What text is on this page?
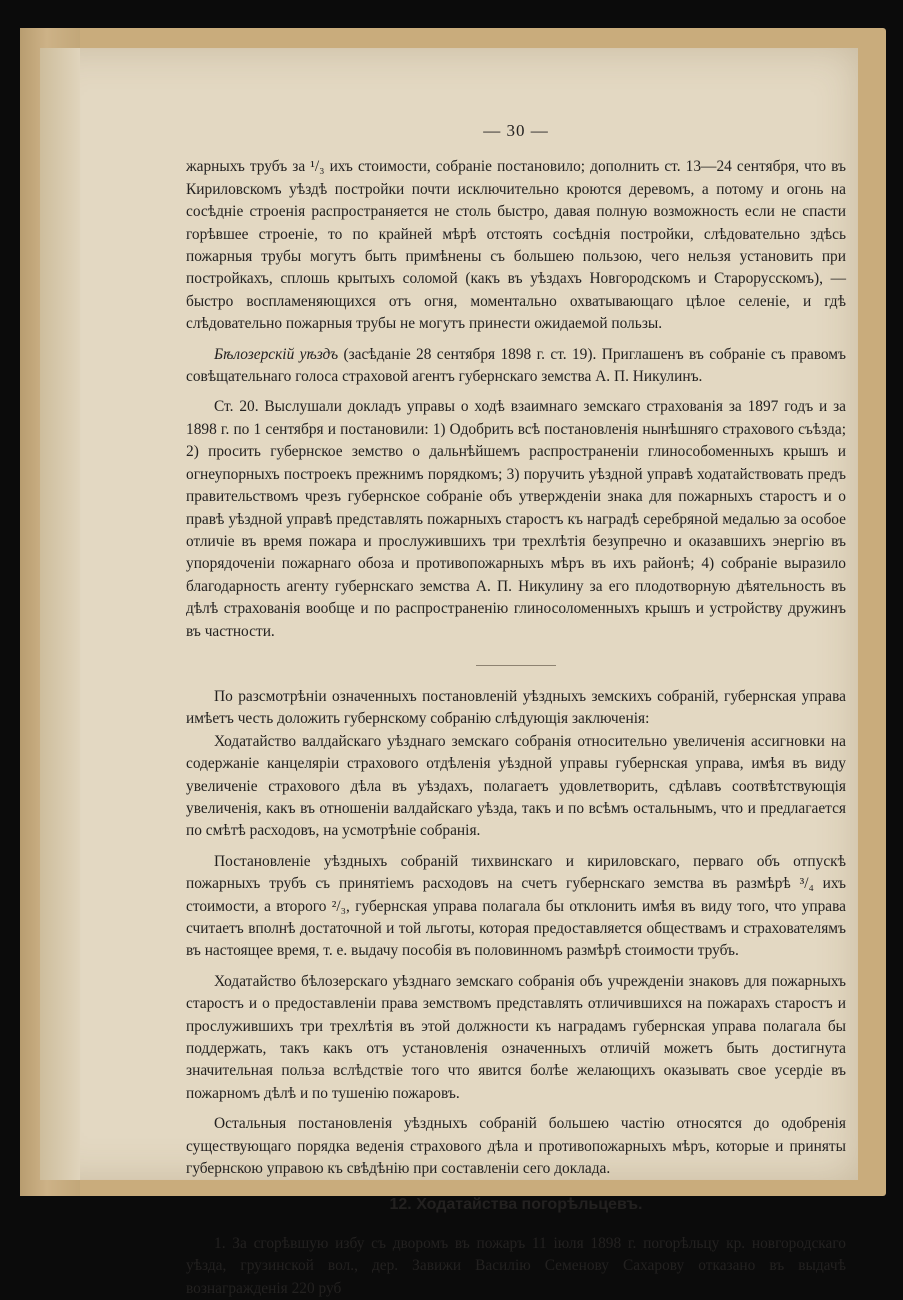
— 30 —

жарныхъ трубъ за ¹/₃ ихъ стоимости, собраніе постановило; дополнить ст. 13—24 сентября, что въ Кириловскомъ уѣздѣ постройки почти исключительно кроются деревомъ, а потому и огонь на сосѣдніе строенія распространяется не столь быстро, давая полную возможность если не спасти горѣвшее строеніе, то по крайней мѣрѣ отстоять сосѣднія постройки, слѣдовательно здѣсь пожарныя трубы могутъ быть примѣнены съ большею пользою, чего нельзя установить при постройкахъ, сплошь крытыхъ соломой (какъ въ уѣздахъ Новгородскомъ и Старорусскомъ), —быстро воспламеняющихся отъ огня, моментально охватывающаго цѣлое селеніе, и гдѣ слѣдовательно пожарныя трубы не могутъ принести ожидаемой пользы.

Бѣлозерскій уѣздъ (засѣданіе 28 сентября 1898 г. ст. 19). Приглашенъ въ собраніе съ правомъ совѣщательнаго голоса страховой агентъ губернскаго земства А. П. Никулинъ.

Ст. 20. Выслушали докладъ управы о ходѣ взаимнаго земскаго страхованія за 1897 годъ и за 1898 г. по 1 сентября и постановили: 1) Одобрить всѣ постановленія нынѣшняго страхового съѣзда; 2) просить губернское земство о дальнѣйшемъ распространеніи глинособоменныхъ крышъ и огнеупорныхъ построекъ прежнимъ порядкомъ; 3) поручить уѣздной управѣ ходатайствовать предъ правительствомъ чрезъ губернское собраніе объ утвержденіи знака для пожарныхъ старостъ и о правѣ уѣздной управѣ представлять пожарныхъ старостъ къ наградѣ серебряной медалью за особое отличіе въ время пожара и прослужившихъ три трехлѣтія безупречно и оказавшихъ энергію въ упорядоченіи пожарнаго обоза и противопожарныхъ мѣръ въ ихъ районѣ; 4) собраніе выразило благодарность агенту губернскаго земства А. П. Никулину за его плодотворную дѣятельность въ дѣлѣ страхованія вообще и по распространенію глиносоломенныхъ крышъ и устройству дружинъ въ частности.

По разсмотрѣніи означенныхъ постановленій уѣздныхъ земскихъ собраній, губернская управа имѣетъ честь доложить губернскому собранію слѣдующія заключенія:

Ходатайство валдайскаго уѣзднаго земскаго собранія относительно увеличенія ассигновки на содержаніе канцеляріи страхового отдѣленія уѣздной управы губернская управа, имѣя въ виду увеличеніе страхового дѣла въ уѣздахъ, полагаетъ удовлетворить, сдѣлавъ соотвѣтствующія увеличенія, какъ въ отношеніи валдайскаго уѣзда, такъ и по всѣмъ остальнымъ, что и предлагается по смѣтѣ расходовъ, на усмотрѣніе собранія.

Постановленіе уѣздныхъ собраній тихвинскаго и кириловскаго, перваго объ отпускѣ пожарныхъ трубъ съ принятіемъ расходовъ на счетъ губернскаго земства въ размѣрѣ ³/₄ ихъ стоимости, а второго ²/₃, губернская управа полагала бы отклонить имѣя въ виду того, что управа считаетъ вполнѣ достаточной и той льготы, которая предоставляется обществамъ и страхователямъ въ настоящее время, т. е. выдачу пособія въ половинномъ размѣрѣ стоимости трубъ.

Ходатайство бѣлозерскаго уѣзднаго земскаго собранія объ учрежденіи знаковъ для пожарныхъ старостъ и о предоставленіи права земствомъ представлять отличившихся на пожарахъ старостъ и прослужившихъ три трехлѣтія въ этой должности къ наградамъ губернская управа полагала бы поддержать, такъ какъ отъ установленія означенныхъ отличій можетъ быть достигнута значительная польза вслѣдствіе того что явится болѣе желающихъ оказывать свое усердіе въ пожарномъ дѣлѣ и по тушенію пожаровъ.

Остальныя постановленія уѣздныхъ собраній большею частію относятся до одобренія существующаго порядка веденія страхового дѣла и противопожарныхъ мѣръ, которые и приняты губернскою управою къ свѣдѣнію при составленіи сего доклада.

12. Ходатайства погорѣльцевъ.

1. За сгорѣвшую избу съ дворомъ въ пожаръ 11 іюля 1898 г. погорѣльцу кр. новгородскаго уѣзда, грузинской вол., дер. Завижи Василію Семенову Сахарову отказано въ выдачѣ вознагражденія 220 руб
